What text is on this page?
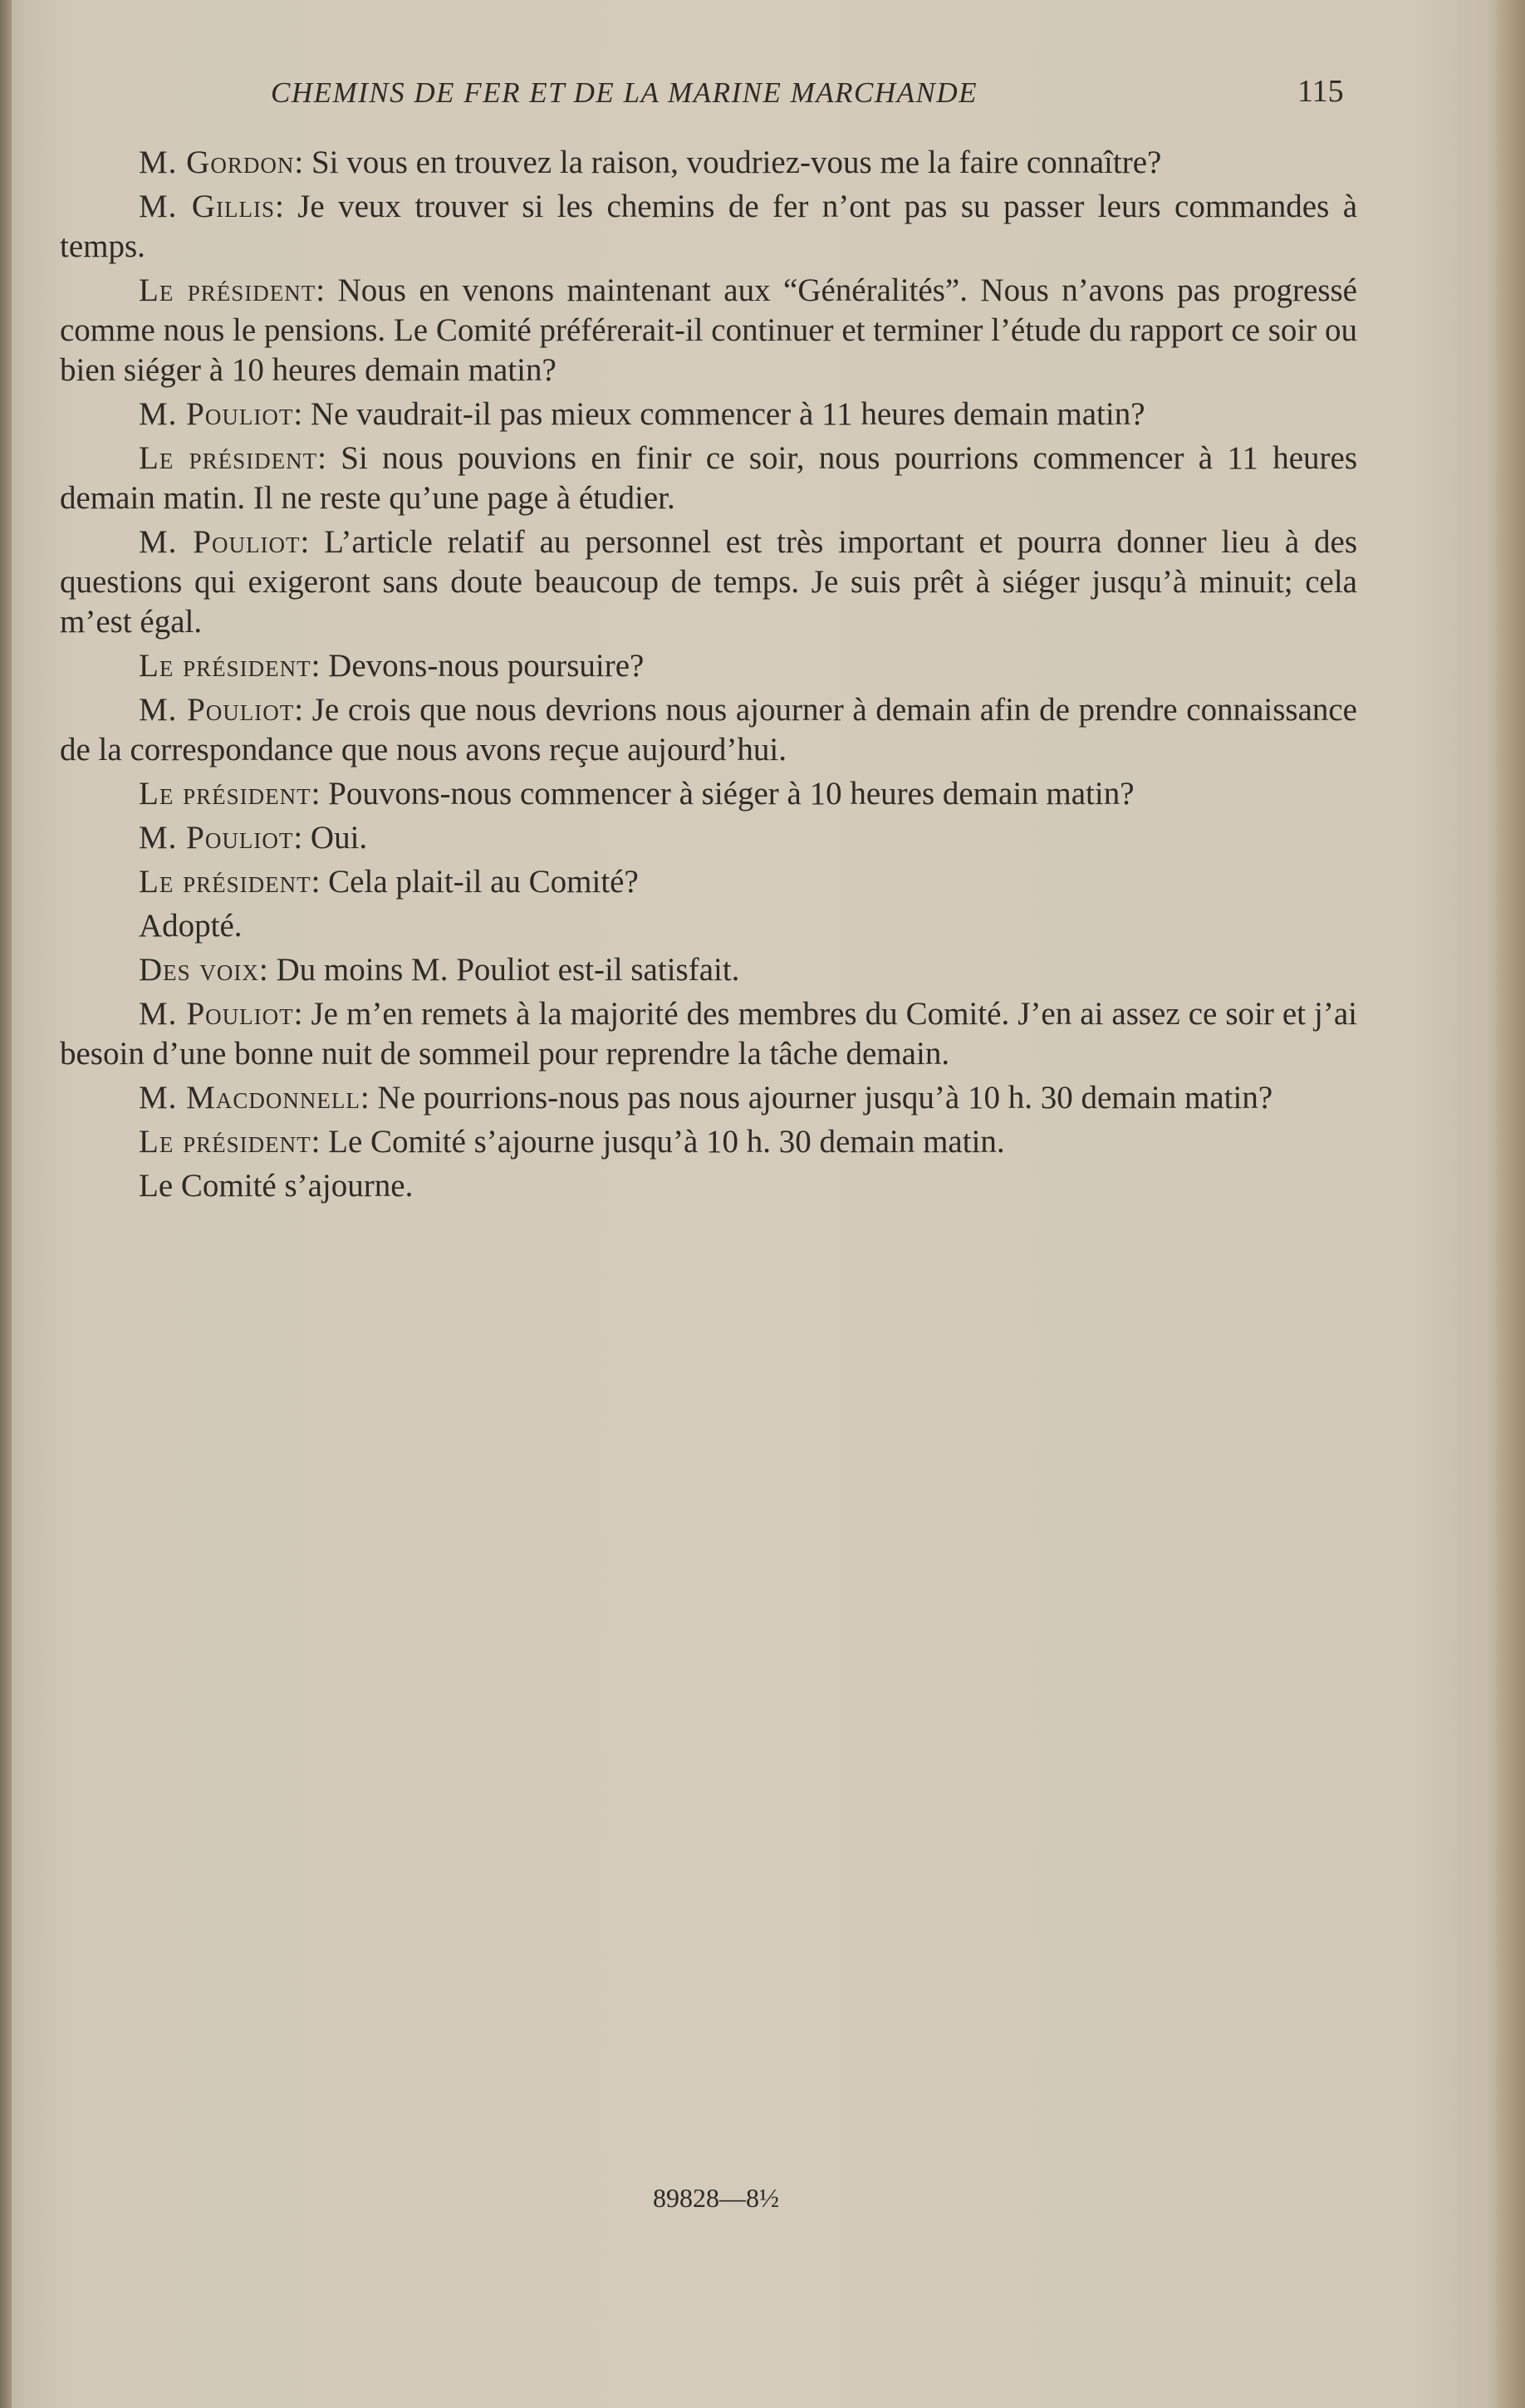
CHEMINS DE FER ET DE LA MARINE MARCHANDE	115

M. Gordon: Si vous en trouvez la raison, voudriez-vous me la faire connaître?

M. Gillis: Je veux trouver si les chemins de fer n’ont pas su passer leurs commandes à temps.

Le président: Nous en venons maintenant aux “Généralités”. Nous n’avons pas progressé comme nous le pensions. Le Comité préférerait-il continuer et terminer l’étude du rapport ce soir ou bien siéger à 10 heures demain matin?

M. Pouliot: Ne vaudrait-il pas mieux commencer à 11 heures demain matin?

Le président: Si nous pouvions en finir ce soir, nous pourrions commencer à 11 heures demain matin. Il ne reste qu’une page à étudier.

M. Pouliot: L’article relatif au personnel est très important et pourra donner lieu à des questions qui exigeront sans doute beaucoup de temps. Je suis prêt à siéger jusqu’à minuit; cela m’est égal.

Le président: Devons-nous poursuire?

M. Pouliot: Je crois que nous devrions nous ajourner à demain afin de prendre connaissance de la correspondance que nous avons reçue aujourd’hui.

Le président: Pouvons-nous commencer à siéger à 10 heures demain matin?

M. Pouliot: Oui.

Le président: Cela plait-il au Comité?

Adopté.

Des voix: Du moins M. Pouliot est-il satisfait.

M. Pouliot: Je m’en remets à la majorité des membres du Comité. J’en ai assez ce soir et j’ai besoin d’une bonne nuit de sommeil pour reprendre la tâche demain.

M. Macdonnell: Ne pourrions-nous pas nous ajourner jusqu’à 10 h. 30 demain matin?

Le président: Le Comité s’ajourne jusqu’à 10 h. 30 demain matin.

Le Comité s’ajourne.

89828—8½
